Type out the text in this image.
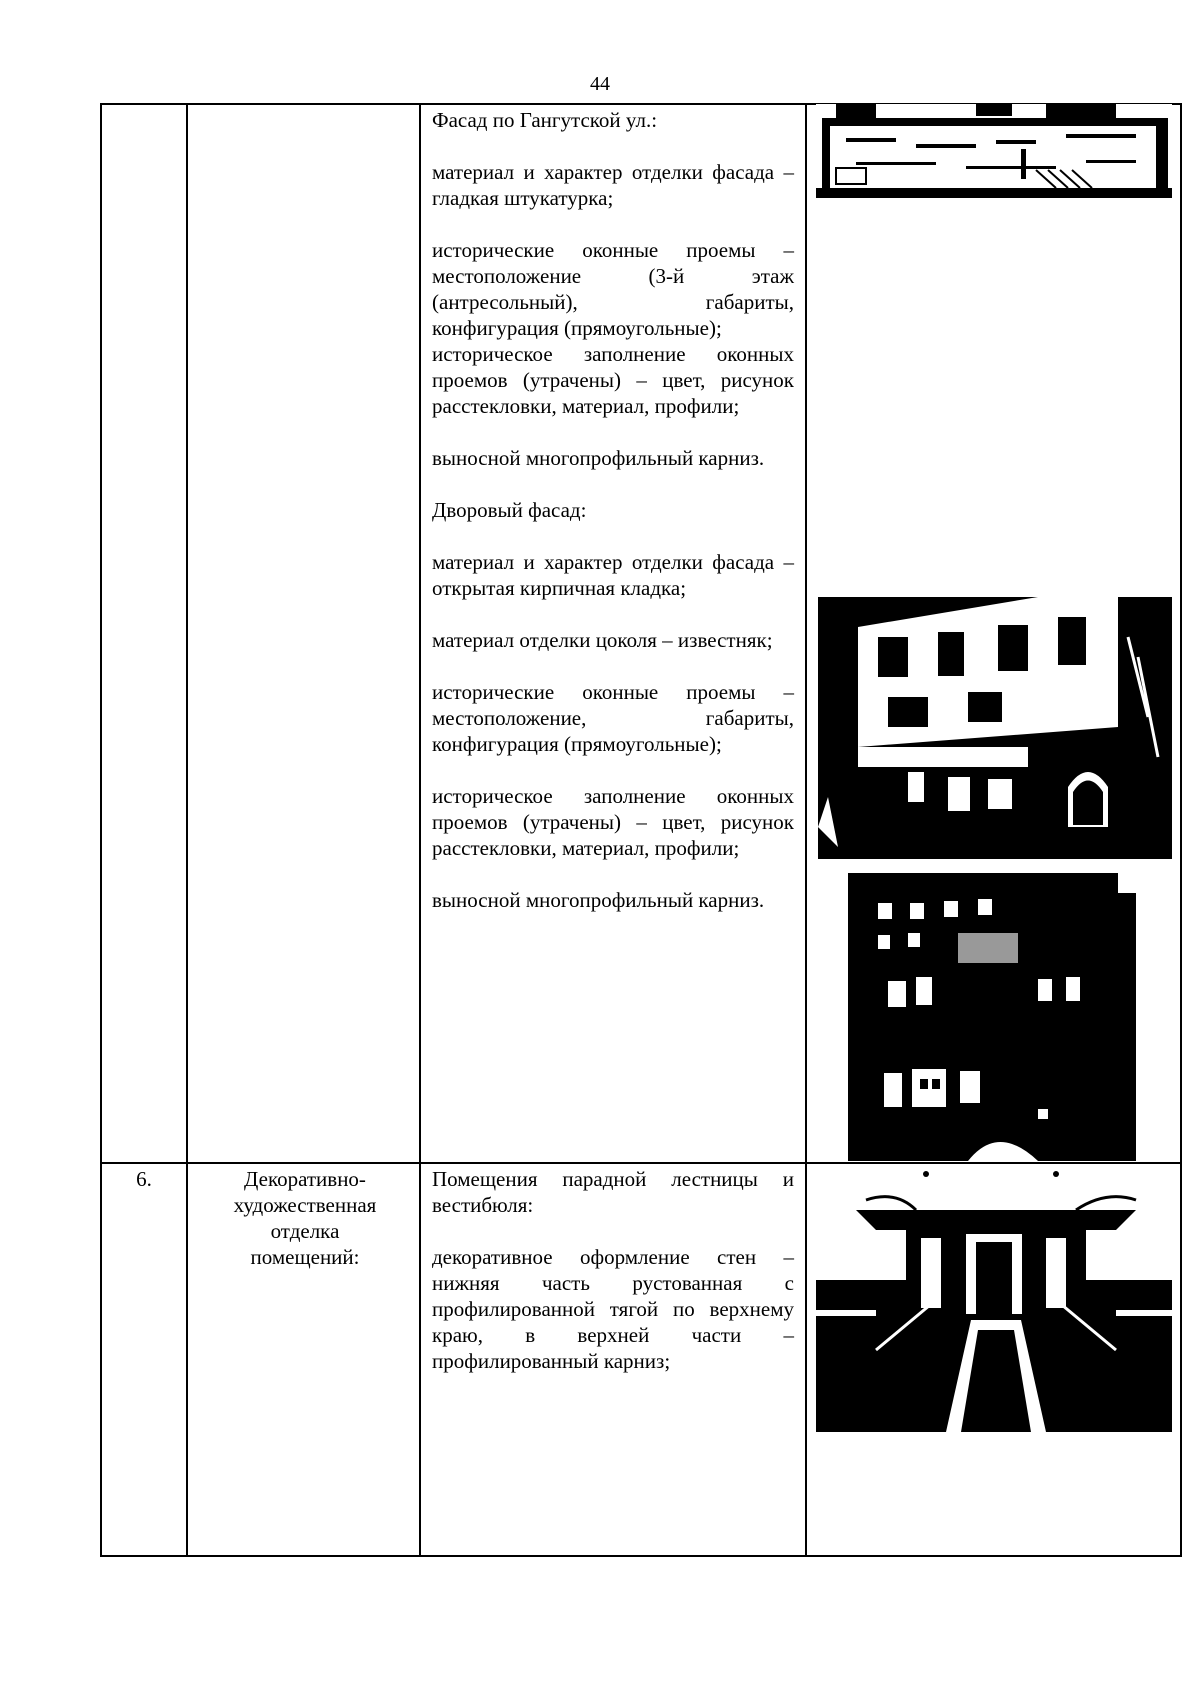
44

Фасад по Гангутской ул.:

материал и характер отделки фасада – гладкая штукатурка;

исторические оконные проемы – местоположение (3-й этаж (антресольный), габариты, конфигурация (прямоугольные);

историческое заполнение оконных проемов (утрачены) – цвет, рисунок расстекловки, материал, профили;

выносной многопрофильный карниз.

Дворовый фасад:

материал и характер отделки фасада – открытая кирпичная кладка;

материал отделки цоколя – известняк;

исторические оконные проемы – местоположение, габариты, конфигурация (прямоугольные);

историческое заполнение оконных проемов (утрачены) – цвет, рисунок расстекловки, материал, профили;

выносной многопрофильный карниз.

6.	Декоративно-художественная отделка помещений:

Помещения парадной лестницы и вестибюля:

декоративное оформление стен – нижняя часть рустованная с профилированной тягой по верхнему краю, в верхней части – профилированный карниз;
